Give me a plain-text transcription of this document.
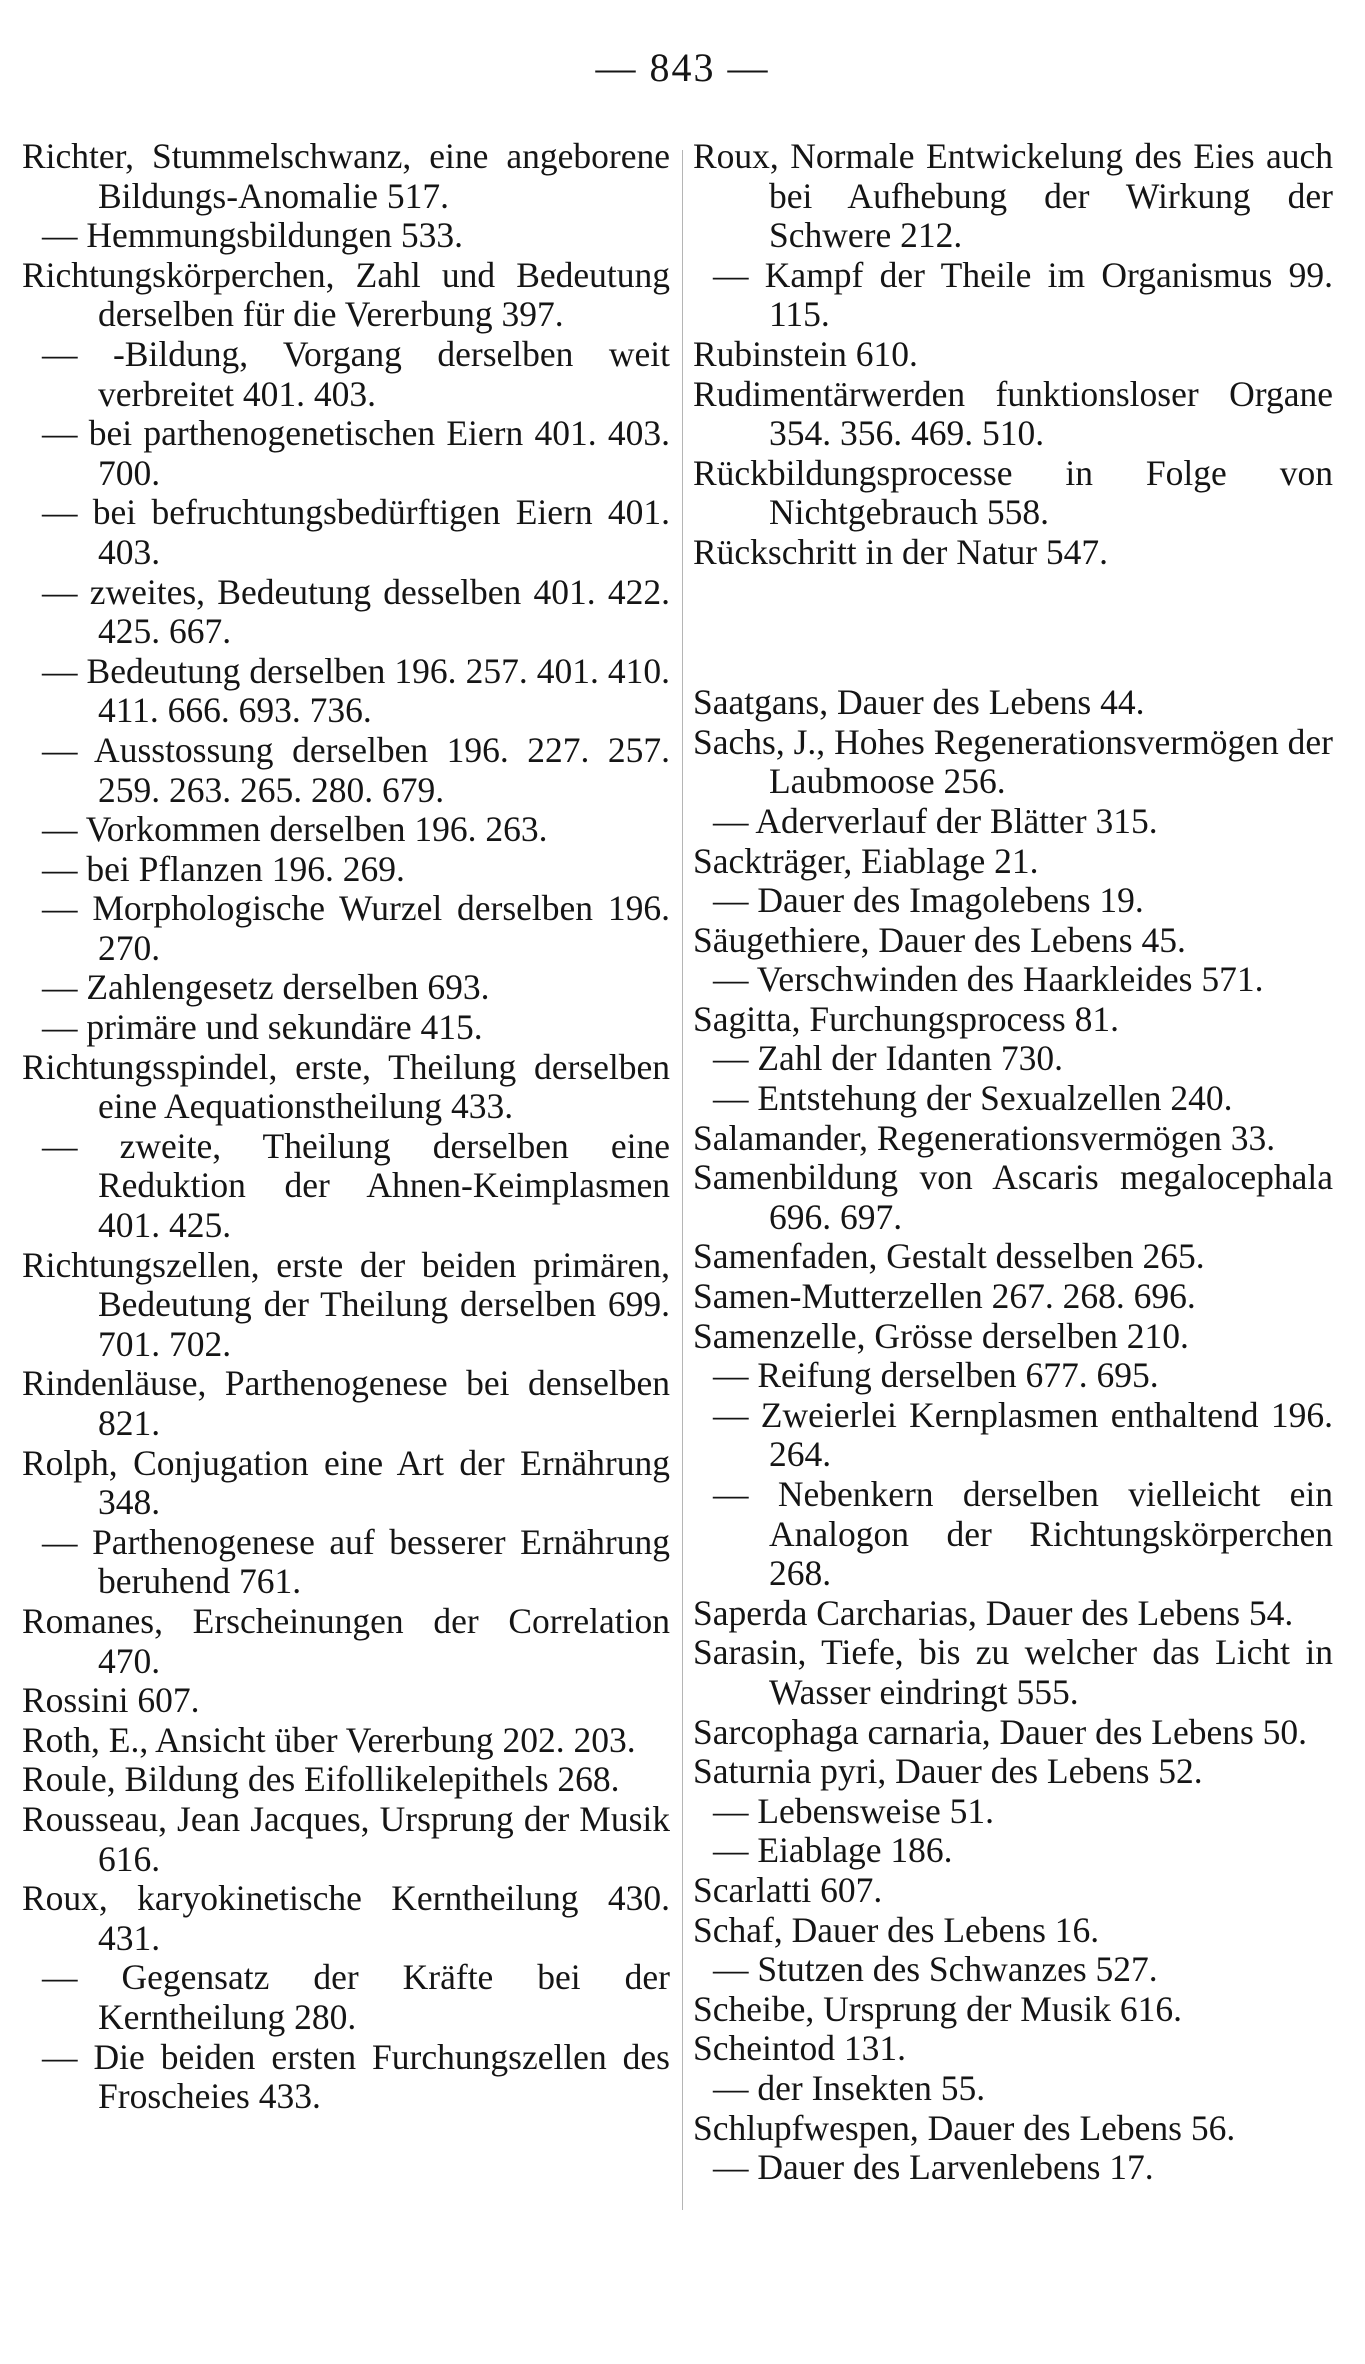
— 843 —

Richter, Stummelschwanz, eine angeborene Bildungs-Anomalie 517.

— Hemmungsbildungen 533.

Richtungskörperchen, Zahl und Bedeutung derselben für die Vererbung 397.

— -Bildung, Vorgang derselben weit verbreitet 401. 403.

— bei parthenogenetischen Eiern 401. 403. 700.

— bei befruchtungsbedürftigen Eiern 401. 403.

— zweites, Bedeutung desselben 401. 422. 425. 667.

— Bedeutung derselben 196. 257. 401. 410. 411. 666. 693. 736.

— Ausstossung derselben 196. 227. 257. 259. 263. 265. 280. 679.

— Vorkommen derselben 196. 263.

— bei Pflanzen 196. 269.

— Morphologische Wurzel derselben 196. 270.

— Zahlengesetz derselben 693.

— primäre und sekundäre 415.

Richtungsspindel, erste, Theilung derselben eine Aequationstheilung 433.

— zweite, Theilung derselben eine Reduktion der Ahnen-Keimplasmen 401. 425.

Richtungszellen, erste der beiden primären, Bedeutung der Theilung derselben 699. 701. 702.

Rindenläuse, Parthenogenese bei denselben 821.

Rolph, Conjugation eine Art der Ernährung 348.

— Parthenogenese auf besserer Ernährung beruhend 761.

Romanes, Erscheinungen der Correlation 470.

Rossini 607.

Roth, E., Ansicht über Vererbung 202. 203.

Roule, Bildung des Eifollikelepithels 268.

Rousseau, Jean Jacques, Ursprung der Musik 616.

Roux, karyokinetische Kerntheilung 430. 431.

— Gegensatz der Kräfte bei der Kerntheilung 280.

— Die beiden ersten Furchungszellen des Froscheies 433.

Roux, Normale Entwickelung des Eies auch bei Aufhebung der Wirkung der Schwere 212.

— Kampf der Theile im Organismus 99. 115.

Rubinstein 610.

Rudimentärwerden funktionsloser Organe 354. 356. 469. 510.

Rückbildungsprocesse in Folge von Nichtgebrauch 558.

Rückschritt in der Natur 547.

Saatgans, Dauer des Lebens 44.

Sachs, J., Hohes Regenerationsvermögen der Laubmoose 256.

— Aderverlauf der Blätter 315.

Sackträger, Eiablage 21.

— Dauer des Imagolebens 19.

Säugethiere, Dauer des Lebens 45.

— Verschwinden des Haarkleides 571.

Sagitta, Furchungsprocess 81.

— Zahl der Idanten 730.

— Entstehung der Sexualzellen 240.

Salamander, Regenerationsvermögen 33.

Samenbildung von Ascaris megalocephala 696. 697.

Samenfaden, Gestalt desselben 265.

Samen-Mutterzellen 267. 268. 696.

Samenzelle, Grösse derselben 210.

— Reifung derselben 677. 695.

— Zweierlei Kernplasmen enthaltend 196. 264.

— Nebenkern derselben vielleicht ein Analogon der Richtungskörperchen 268.

Saperda Carcharias, Dauer des Lebens 54.

Sarasin, Tiefe, bis zu welcher das Licht in Wasser eindringt 555.

Sarcophaga carnaria, Dauer des Lebens 50.

Saturnia pyri, Dauer des Lebens 52.

— Lebensweise 51.

— Eiablage 186.

Scarlatti 607.

Schaf, Dauer des Lebens 16.

— Stutzen des Schwanzes 527.

Scheibe, Ursprung der Musik 616.

Scheintod 131.

— der Insekten 55.

Schlupfwespen, Dauer des Lebens 56.

— Dauer des Larvenlebens 17.
